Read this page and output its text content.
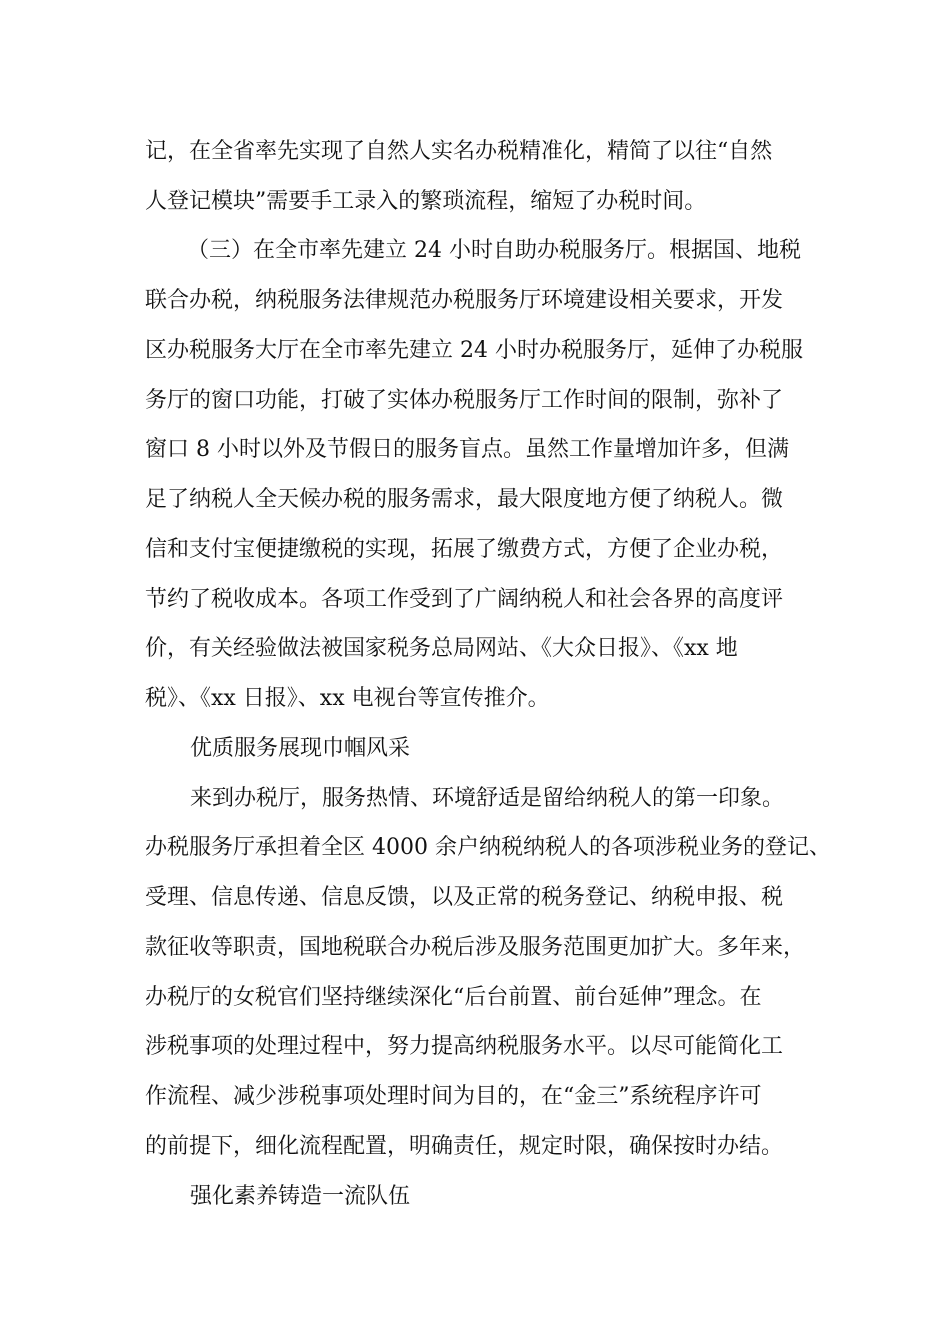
记，在全省率先实现了自然人实名办税精准化，精简了以往“自然

人登记模块”需要手工录入的繁琐流程，缩短了办税时间。

（三）在全市率先建立 24 小时自助办税服务厅。根据国、地税

联合办税，纳税服务法律规范办税服务厅环境建设相关要求，开发

区办税服务大厅在全市率先建立 24 小时办税服务厅，延伸了办税服

务厅的窗口功能，打破了实体办税服务厅工作时间的限制，弥补了

窗口 8 小时以外及节假日的服务盲点。虽然工作量增加许多，但满

足了纳税人全天候办税的服务需求，最大限度地方便了纳税人。微

信和支付宝便捷缴税的实现，拓展了缴费方式，方便了企业办税，

节约了税收成本。各项工作受到了广阔纳税人和社会各界的高度评

价，有关经验做法被国家税务总局网站、《大众日报》、《xx 地

税》、《xx 日报》、xx 电视台等宣传推介。

优质服务展现巾帼风采

来到办税厅，服务热情、环境舒适是留给纳税人的第一印象。

办税服务厅承担着全区 4000 余户纳税纳税人的各项涉税业务的登记、

受理、信息传递、信息反馈，以及正常的税务登记、纳税申报、税

款征收等职责，国地税联合办税后涉及服务范围更加扩大。多年来，

办税厅的女税官们坚持继续深化“后台前置、前台延伸”理念。在

涉税事项的处理过程中，努力提高纳税服务水平。以尽可能简化工

作流程、减少涉税事项处理时间为目的，在“金三”系统程序许可

的前提下，细化流程配置，明确责任，规定时限，确保按时办结。

强化素养铸造一流队伍
